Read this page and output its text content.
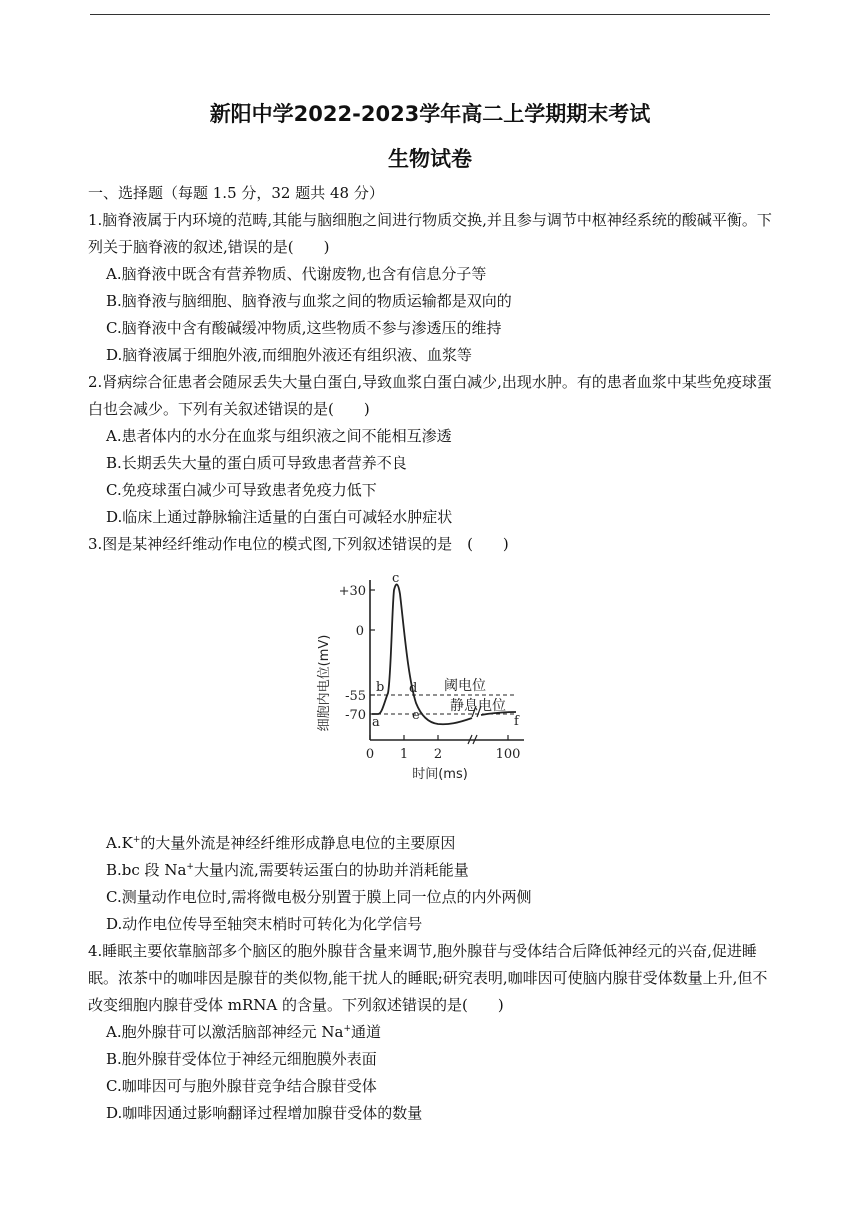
新阳中学2022-2023学年高二上学期期末考试
生物试卷
一、选择题（每题 1.5 分，32 题共 48 分）
1.脑脊液属于内环境的范畴,其能与脑细胞之间进行物质交换,并且参与调节中枢神经系统的酸碱平衡。下列关于脑脊液的叙述,错误的是(　　)
A.脑脊液中既含有营养物质、代谢废物,也含有信息分子等
B.脑脊液与脑细胞、脑脊液与血浆之间的物质运输都是双向的
C.脑脊液中含有酸碱缓冲物质,这些物质不参与渗透压的维持
D.脑脊液属于细胞外液,而细胞外液还有组织液、血浆等
2.肾病综合征患者会随尿丢失大量白蛋白,导致血浆白蛋白减少,出现水肿。有的患者血浆中某些免疫球蛋白也会减少。下列有关叙述错误的是(　　)
A.患者体内的水分在血浆与组织液之间不能相互渗透
B.长期丢失大量的蛋白质可导致患者营养不良
C.免疫球蛋白减少可导致患者免疫力低下
D.临床上通过静脉输注适量的白蛋白可减轻水肿症状
3.图是某神经纤维动作电位的模式图,下列叙述错误的是　(　　)
细胞内电位(mV)
+30
0
-55
-70
0 1 2	100
a
b
c
d
e	f
阈电位
静息电位
时间(ms)
A.K+的大量外流是神经纤维形成静息电位的主要原因
B.bc 段 Na+大量内流,需要转运蛋白的协助并消耗能量
C.测量动作电位时,需将微电极分别置于膜上同一位点的内外两侧
D.动作电位传导至轴突末梢时可转化为化学信号
4.睡眠主要依靠脑部多个脑区的胞外腺苷含量来调节,胞外腺苷与受体结合后降低神经元的兴奋,促进睡眠。浓茶中的咖啡因是腺苷的类似物,能干扰人的睡眠;研究表明,咖啡因可使脑内腺苷受体数量上升,但不改变细胞内腺苷受体 mRNA 的含量。下列叙述错误的是(　　)
A.胞外腺苷可以激活脑部神经元 Na+通道
B.胞外腺苷受体位于神经元细胞膜外表面
C.咖啡因可与胞外腺苷竞争结合腺苷受体
D.咖啡因通过影响翻译过程增加腺苷受体的数量
